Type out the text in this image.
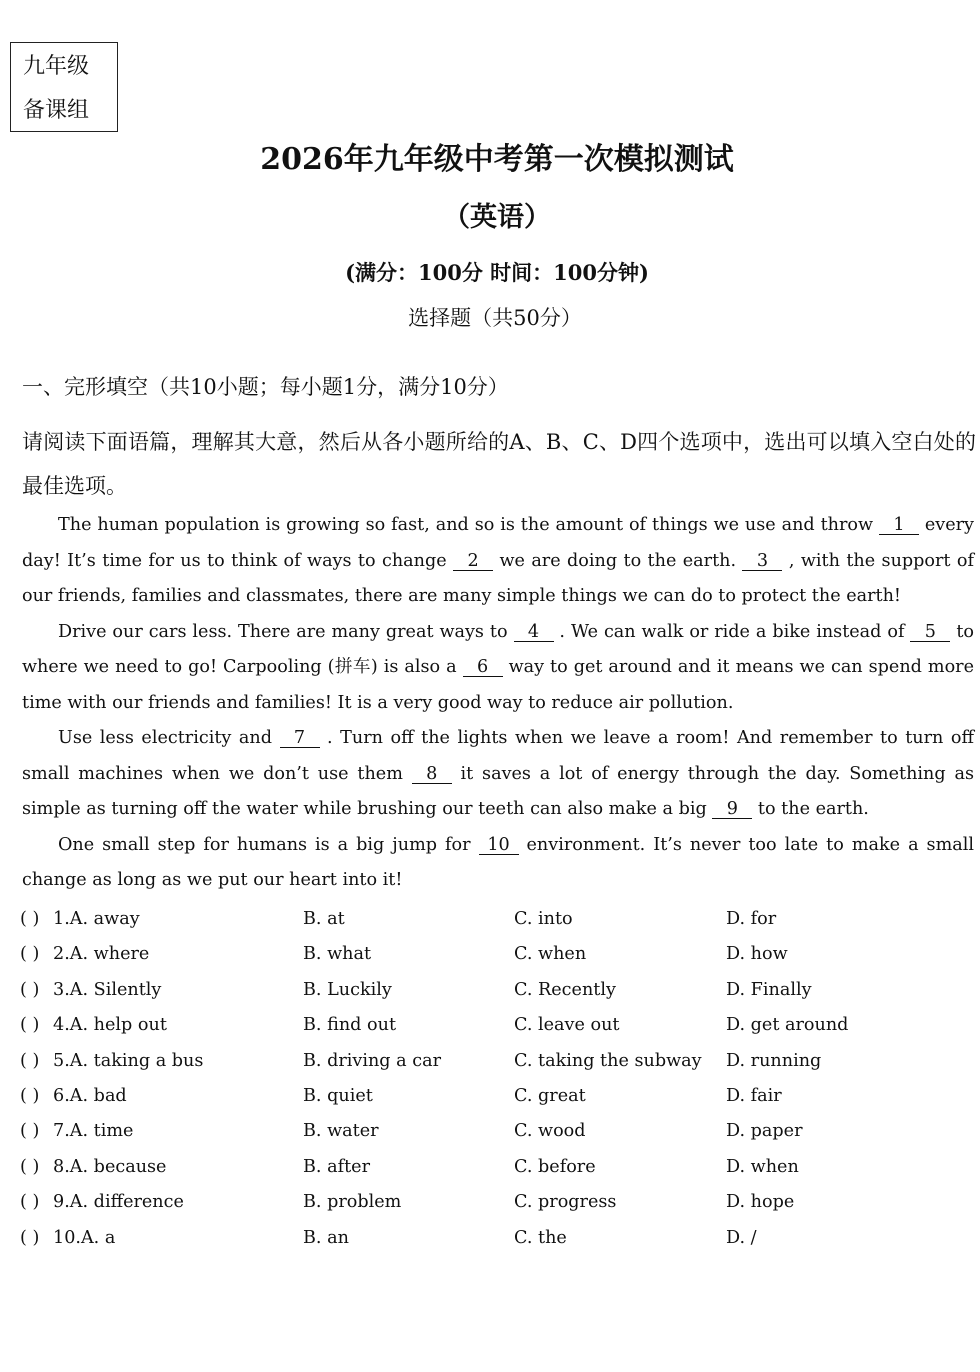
九年级
备课组
2026年九年级中考第一次模拟测试
（英语）
(满分：100分 时间：100分钟)
选择题（共50分）
一、完形填空（共10小题；每小题1分，满分10分）
请阅读下面语篇，理解其大意，然后从各小题所给的A、B、C、D四个选项中，选出可以填入空白处的最佳选项。

The human population is growing so fast, and so is the amount of things we use and throw 1 every day! It’s time for us to think of ways to change 2 we are doing to the earth. 3 , with the support of our friends, families and classmates, there are many simple things we can do to protect the earth!

Drive our cars less. There are many great ways to 4 . We can walk or ride a bike instead of 5 to where we need to go! Carpooling (拼车) is also a 6 way to get around and it means we can spend more time with our friends and families! It is a very good way to reduce air pollution.

Use less electricity and 7 . Turn off the lights when we leave a room! And remember to turn off small machines when we don’t use them 8 it saves a lot of energy through the day. Something as simple as turning off the water while brushing our teeth can also make a big 9 to the earth.

One small step for humans is a big jump for 10 environment. It’s never too late to make a small change as long as we put our heart into it!

( ) 1.A. away	B. at	C. into	D. for
( ) 2.A. where	B. what	C. when	D. how
( ) 3.A. Silently	B. Luckily	C. Recently	D. Finally
( ) 4.A. help out	B. find out	C. leave out	D. get around
( ) 5.A. taking a bus	B. driving a car	C. taking the subway D. running
( ) 6.A. bad	B. quiet	C. great	D. fair
( ) 7.A. time	B. water	C. wood	D. paper
( ) 8.A. because	B. after	C. before	D. when
( ) 9.A. difference	B. problem	C. progress	D. hope
( ) 10.A. a	B. an	C. the	D. /
